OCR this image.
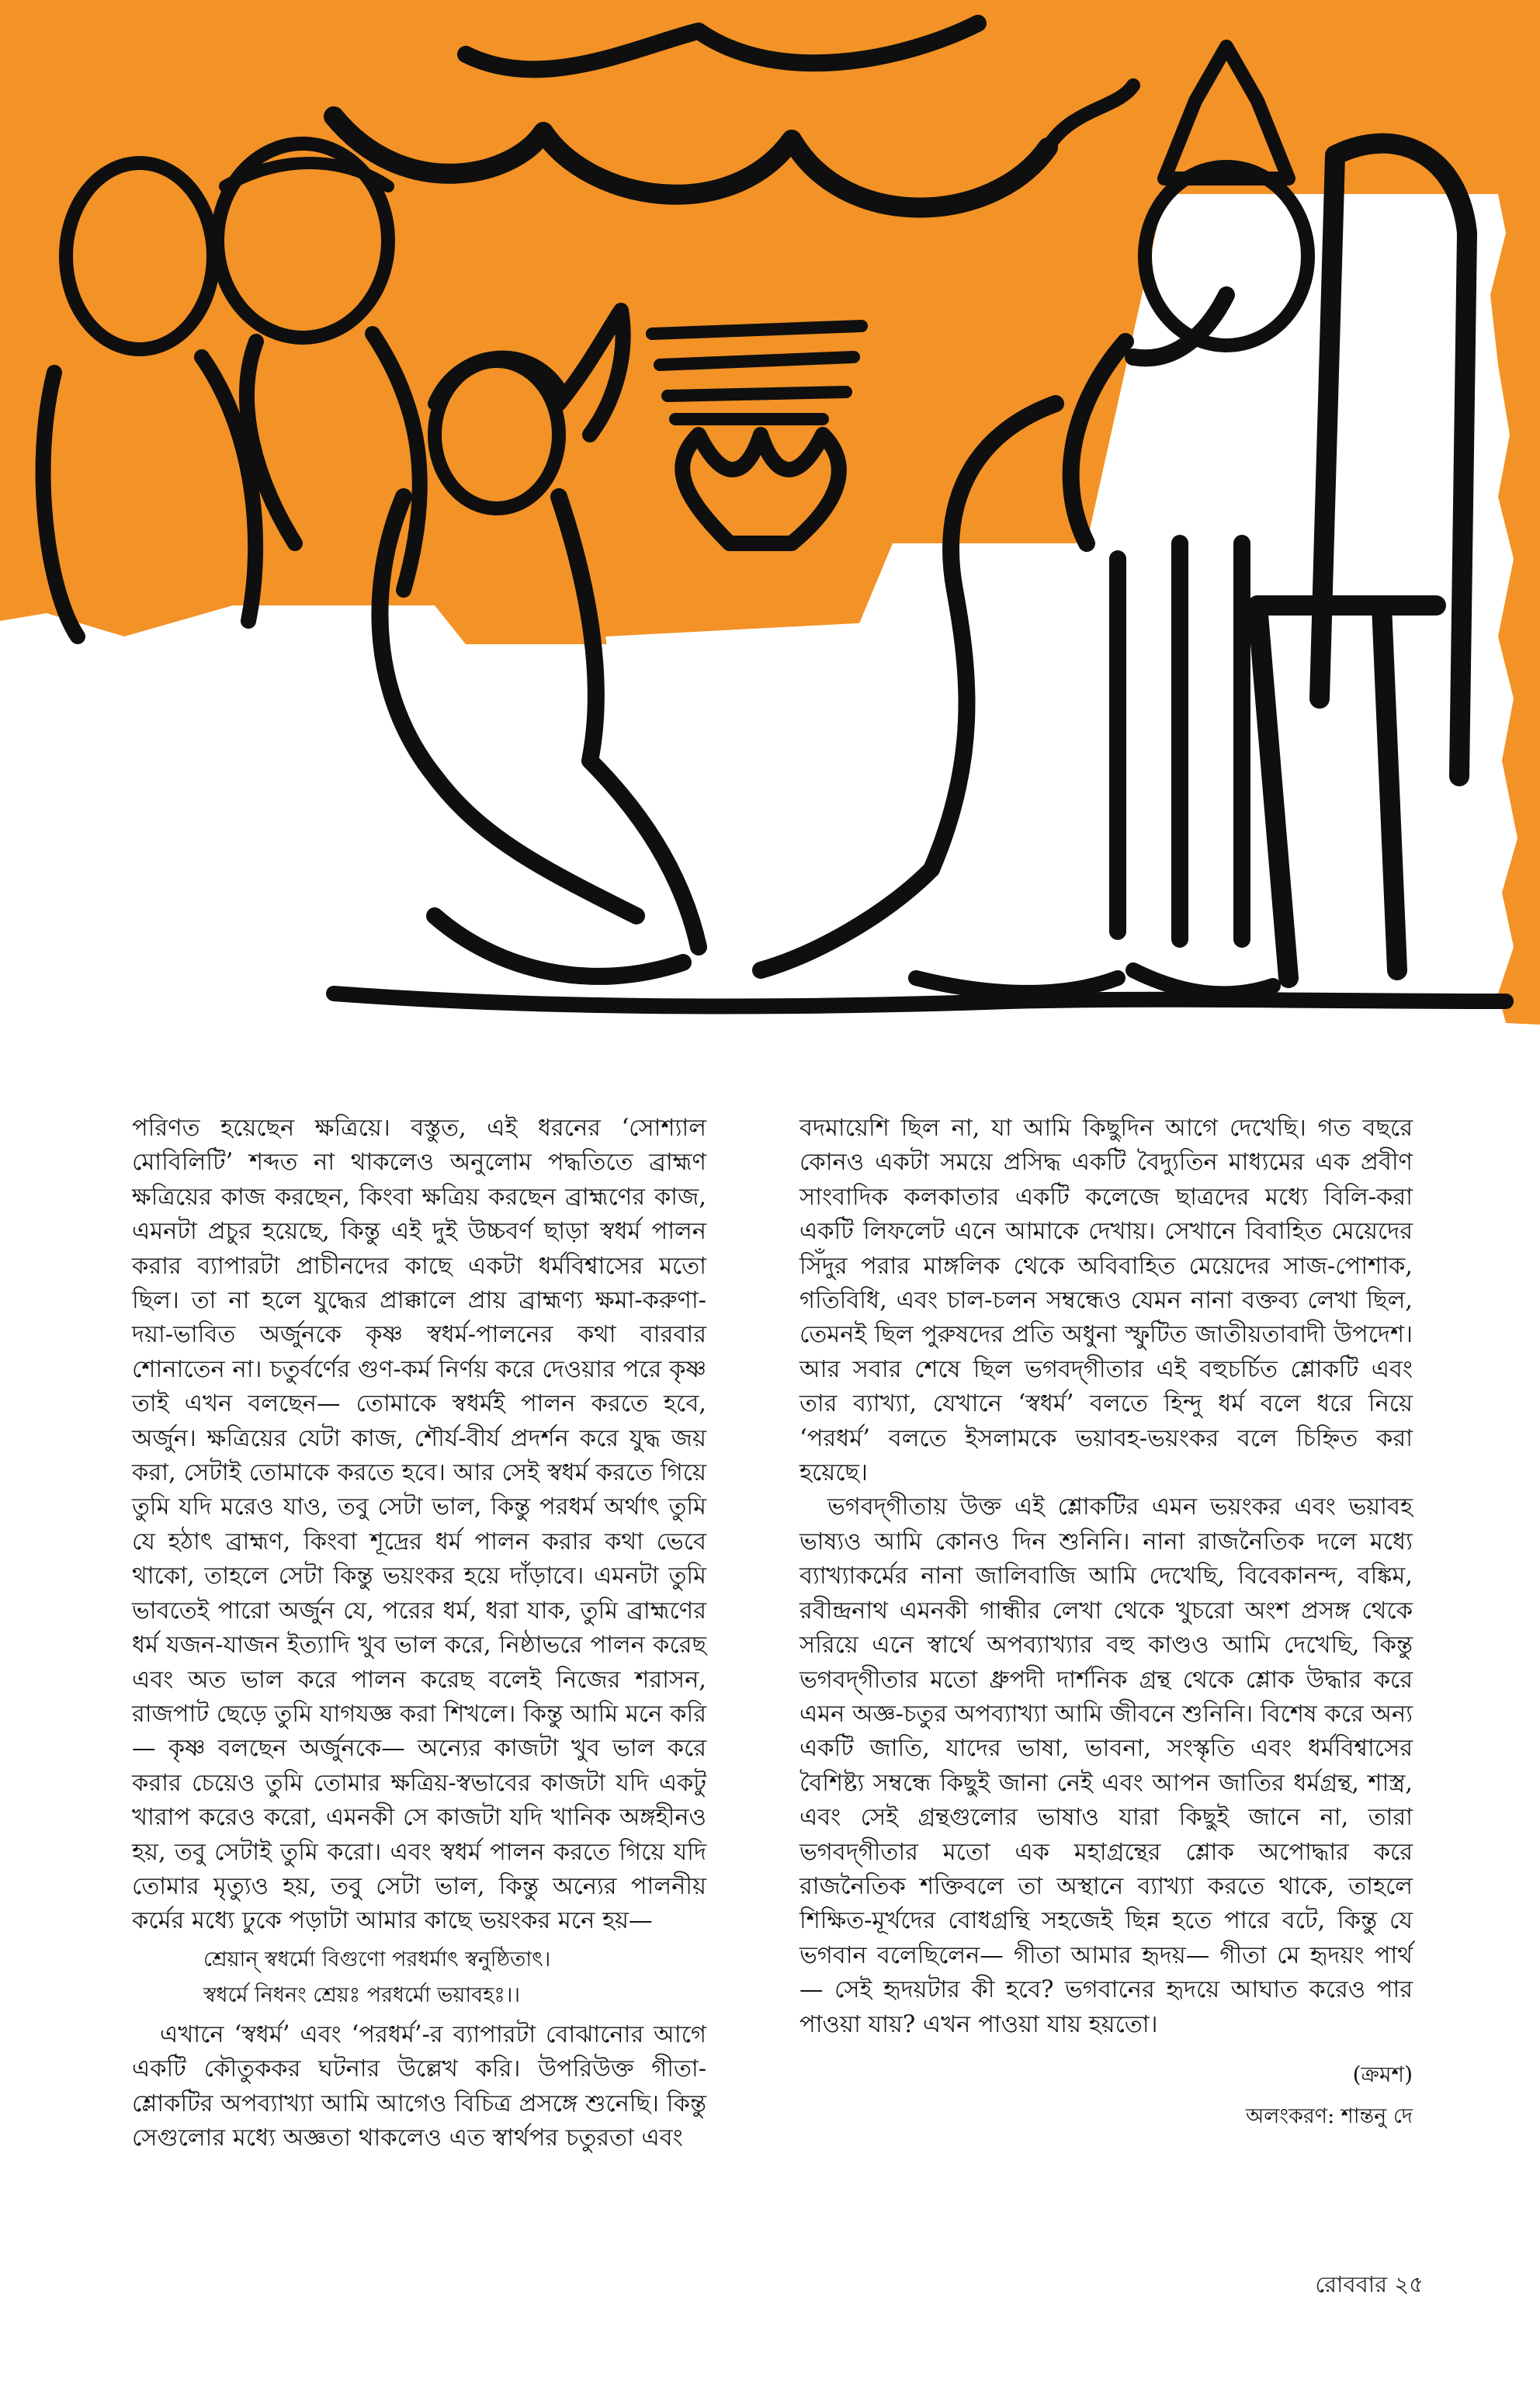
পরিণত হয়েছেন ক্ষত্রিয়ে। বস্তুত, এই ধরনের ‘সোশ্যাল মোবিলিটি’ শব্দত না থাকলেও অনুলোম পদ্ধতিতে ব্রাহ্মণ ক্ষত্রিয়ের কাজ করছেন, কিংবা ক্ষত্রিয় করছেন ব্রাহ্মণের কাজ, এমনটা প্রচুর হয়েছে, কিন্তু এই দুই উচ্চবর্ণ ছাড়া স্বধর্ম পালন করার ব্যাপারটা প্রাচীনদের কাছে একটা ধর্মবিশ্বাসের মতো ছিল। তা না হলে যুদ্ধের প্রাক্কালে প্রায় ব্রাহ্মণ্য ক্ষমা-করুণা-দয়া-ভাবিত অর্জুনকে কৃষ্ণ স্বধর্ম-পালনের কথা বারবার শোনাতেন না। চতুর্বর্ণের গুণ-কর্ম নির্ণয় করে দেওয়ার পরে কৃষ্ণ তাই এখন বলছেন— তোমাকে স্বধর্মই পালন করতে হবে, অর্জুন। ক্ষত্রিয়ের যেটা কাজ, শৌর্য-বীর্য প্রদর্শন করে যুদ্ধ জয় করা, সেটাই তোমাকে করতে হবে। আর সেই স্বধর্ম করতে গিয়ে তুমি যদি মরেও যাও, তবু সেটা ভাল, কিন্তু পরধর্ম অর্থাৎ তুমি যে হঠাৎ ব্রাহ্মণ, কিংবা শূদ্রের ধর্ম পালন করার কথা ভেবে থাকো, তাহলে সেটা কিন্তু ভয়ংকর হয়ে দাঁড়াবে। এমনটা তুমি ভাবতেই পারো অর্জুন যে, পরের ধর্ম, ধরা যাক, তুমি ব্রাহ্মণের ধর্ম যজন-যাজন ইত্যাদি খুব ভাল করে, নিষ্ঠাভরে পালন করেছ এবং অত ভাল করে পালন করেছ বলেই নিজের শরাসন, রাজপাট ছেড়ে তুমি যাগযজ্ঞ করা শিখলে। কিন্তু আমি মনে করি— কৃষ্ণ বলছেন অর্জুনকে— অন্যের কাজটা খুব ভাল করে করার চেয়েও তুমি তোমার ক্ষত্রিয়-স্বভাবের কাজটা যদি একটু খারাপ করেও করো, এমনকী সে কাজটা যদি খানিক অঙ্গহীনও হয়, তবু সেটাই তুমি করো। এবং স্বধর্ম পালন করতে গিয়ে যদি তোমার মৃত্যুও হয়, তবু সেটা ভাল, কিন্তু অন্যের পালনীয় কর্মের মধ্যে ঢুকে পড়াটা আমার কাছে ভয়ংকর মনে হয়—

শ্রেয়ান্‌ স্বধর্মো বিগুণো পরধর্মাৎ স্বনুষ্ঠিতাৎ।
স্বধর্মে নিধনং শ্রেয়ঃ পরধর্মো ভয়াবহঃ।।

এখানে ‘স্বধর্ম’ এবং ‘পরধর্ম’-র ব্যাপারটা বোঝানোর আগে একটি কৌতুককর ঘটনার উল্লেখ করি। উপরিউক্ত গীতা-শ্লোকটির অপব্যাখ্যা আমি আগেও বিচিত্র প্রসঙ্গে শুনেছি। কিন্তু সেগুলোর মধ্যে অজ্ঞতা থাকলেও এত স্বার্থপর চতুরতা এবং

বদমায়েশি ছিল না, যা আমি কিছুদিন আগে দেখেছি। গত বছরে কোনও একটা সময়ে প্রসিদ্ধ একটি বৈদ্যুতিন মাধ্যমের এক প্রবীণ সাংবাদিক কলকাতার একটি কলেজে ছাত্রদের মধ্যে বিলি-করা একটি লিফলেট এনে আমাকে দেখায়। সেখানে বিবাহিত মেয়েদের সিঁদুর পরার মাঙ্গলিক থেকে অবিবাহিত মেয়েদের সাজ-পোশাক, গতিবিধি, এবং চাল-চলন সম্বন্ধেও যেমন নানা বক্তব্য লেখা ছিল, তেমনই ছিল পুরুষদের প্রতি অধুনা স্ফুটিত জাতীয়তাবাদী উপদেশ। আর সবার শেষে ছিল ভগবদ্‌গীতার এই বহুচর্চিত শ্লোকটি এবং তার ব্যাখ্যা, যেখানে ‘স্বধর্ম’ বলতে হিন্দু ধর্ম বলে ধরে নিয়ে ‘পরধর্ম’ বলতে ইসলামকে ভয়াবহ-ভয়ংকর বলে চিহ্নিত করা হয়েছে।

ভগবদ্‌গীতায় উক্ত এই শ্লোকটির এমন ভয়ংকর এবং ভয়াবহ ভাষ্যও আমি কোনও দিন শুনিনি। নানা রাজনৈতিক দলে মধ্যে ব্যাখ্যাকর্মের নানা জালিবাজি আমি দেখেছি, বিবেকানন্দ, বঙ্কিম, রবীন্দ্রনাথ এমনকী গান্ধীর লেখা থেকে খুচরো অংশ প্রসঙ্গ থেকে সরিয়ে এনে স্বার্থে অপব্যাখ্যার বহু কাণ্ডও আমি দেখেছি, কিন্তু ভগবদ্‌গীতার মতো ধ্রুপদী দার্শনিক গ্রন্থ থেকে শ্লোক উদ্ধার করে এমন অজ্ঞ-চতুর অপব্যাখ্যা আমি জীবনে শুনিনি। বিশেষ করে অন্য একটি জাতি, যাদের ভাষা, ভাবনা, সংস্কৃতি এবং ধর্মবিশ্বাসের বৈশিষ্ট্য সম্বন্ধে কিছুই জানা নেই এবং আপন জাতির ধর্মগ্রন্থ, শাস্ত্র, এবং সেই গ্রন্থগুলোর ভাষাও যারা কিছুই জানে না, তারা ভগবদ্‌গীতার মতো এক মহাগ্রন্থের শ্লোক অপোদ্ধার করে রাজনৈতিক শক্তিবলে তা অস্থানে ব্যাখ্যা করতে থাকে, তাহলে শিক্ষিত-মূর্খদের বোধগ্রন্থি সহজেই ছিন্ন হতে পারে বটে, কিন্তু যে ভগবান বলেছিলেন— গীতা আমার হৃদয়— গীতা মে হৃদয়ং পার্থ— সেই হৃদয়টার কী হবে? ভগবানের হৃদয়ে আঘাত করেও পার পাওয়া যায়? এখন পাওয়া যায় হয়তো।

(ক্রমশ)
অলংকরণ: শান্তনু দে
রোববার ২৫
